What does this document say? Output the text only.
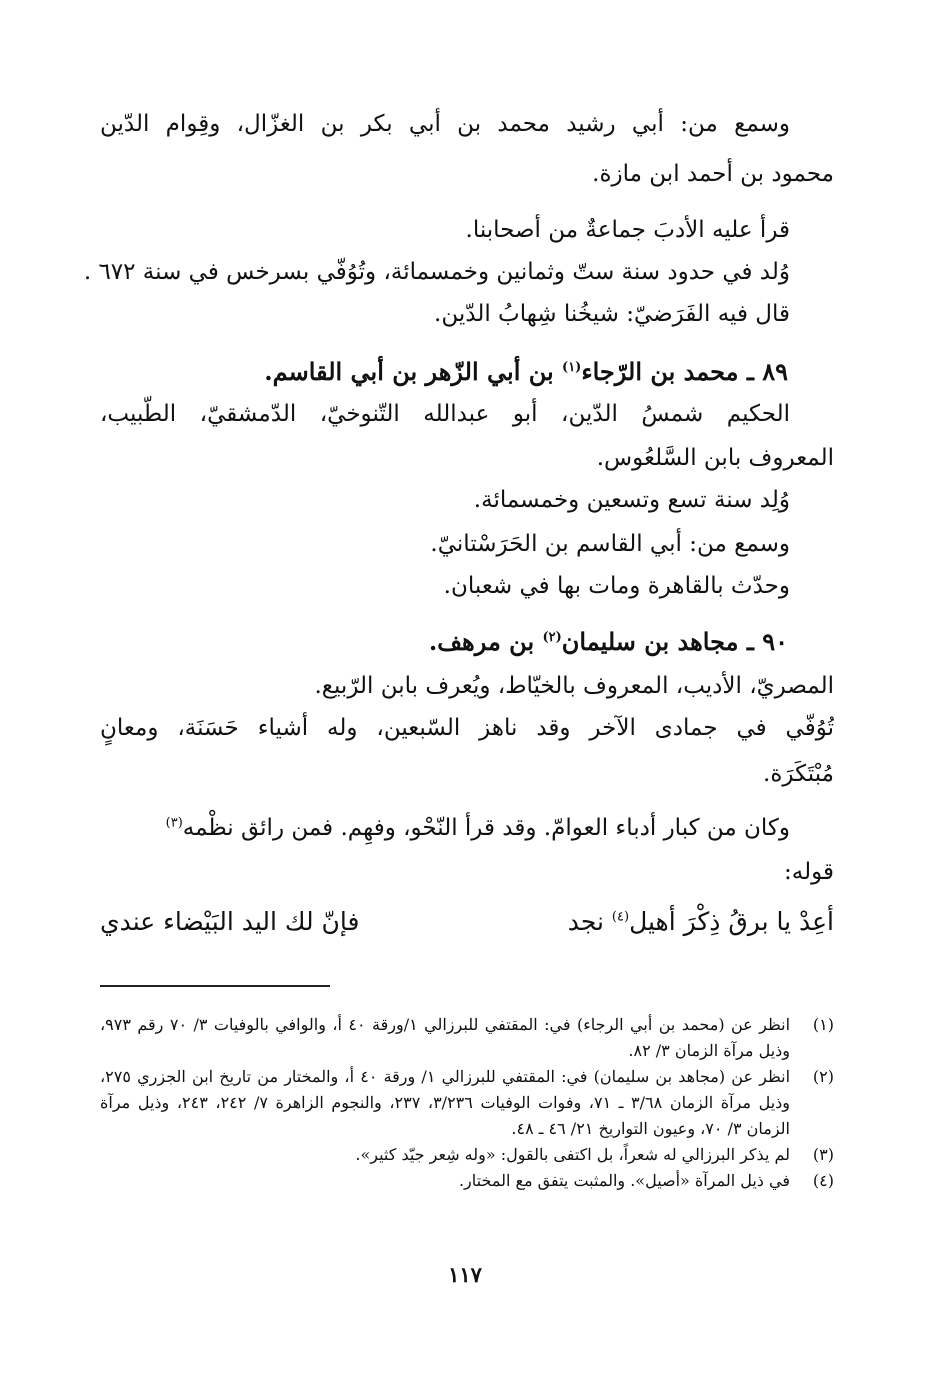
وسمع من: أبي رشيد محمد بن أبي بكر بن الغزّال، وقِوام الدّين
محمود بن أحمد ابن مازة.
قرأ عليه الأدبَ جماعةٌ من أصحابنا.
وُلد في حدود سنة ستّ وثمانين وخمسمائة، وتُوُفّي بسرخس في سنة ٦٧٢ .
قال فيه الفَرَضيّ: شيخُنا شِهابُ الدّين.
٨٩ ـ محمد بن الرّجاء$^{(١)}$ بن أبي الزّهر بن أبي القاسم.
الحكيم شمسُ الدّين، أبو عبدالله التّنوخيّ، الدّمشقيّ، الطّبيب،
المعروف بابن السَّلعُوس.
وُلِد سنة تسع وتسعين وخمسمائة.
وسمع من: أبي القاسم بن الحَرَسْتانيّ.
وحدّث بالقاهرة ومات بها في شعبان.
٩٠ ـ مجاهد بن سليمان$^{(٢)}$ بن مرهف.
المصريّ، الأديب، المعروف بالخيّاط، ويُعرف بابن الرّبيع.
تُوُفّي في جمادى الآخر وقد ناهز السّبعين، وله أشياء حَسَنَة، ومعانٍ
مُبْتَكَرَة.
وكان من كبار أدباء العوامّ. وقد قرأ النّحْو، وفهِم. فمن رائق نظْمه$^{(٣)}$
قوله:
أعِدْ يا برقُ ذِكْرَ أهيل$^{(٤)}$ نجد
فإنّ لك اليد البَيْضاء عندي
(١)
انظر عن (محمد بن أبي الرجاء) في: المقتفي للبرزالي ١/ورقة ٤٠ أ، والوافي بالوفيات ٣/ ٧٠ رقم ٩٧٣، وذيل مرآة الزمان ٣/ ٨٢.
(٢)
انظر عن (مجاهد بن سليمان) في: المقتفي للبرزالي ١/ ورقة ٤٠ أ، والمختار من تاريخ ابن الجزري ٢٧٥، وذيل مرآة الزمان ٣/٦٨ ـ ٧١، وفوات الوفيات ٣/٢٣٦، ٢٣٧، والنجوم الزاهرة ٧/ ٢٤٢، ٢٤٣، وذيل مرآة الزمان ٣/ ٧٠، وعيون التواريخ ٢١/ ٤٦ ـ ٤٨.
(٣)
لم يذكر البرزالي له شعراً، بل اكتفى بالقول: «وله شِعر جيّد كثير».
(٤)
في ذيل المرآة «أصيل». والمثبت يتفق مع المختار.
١١٧
